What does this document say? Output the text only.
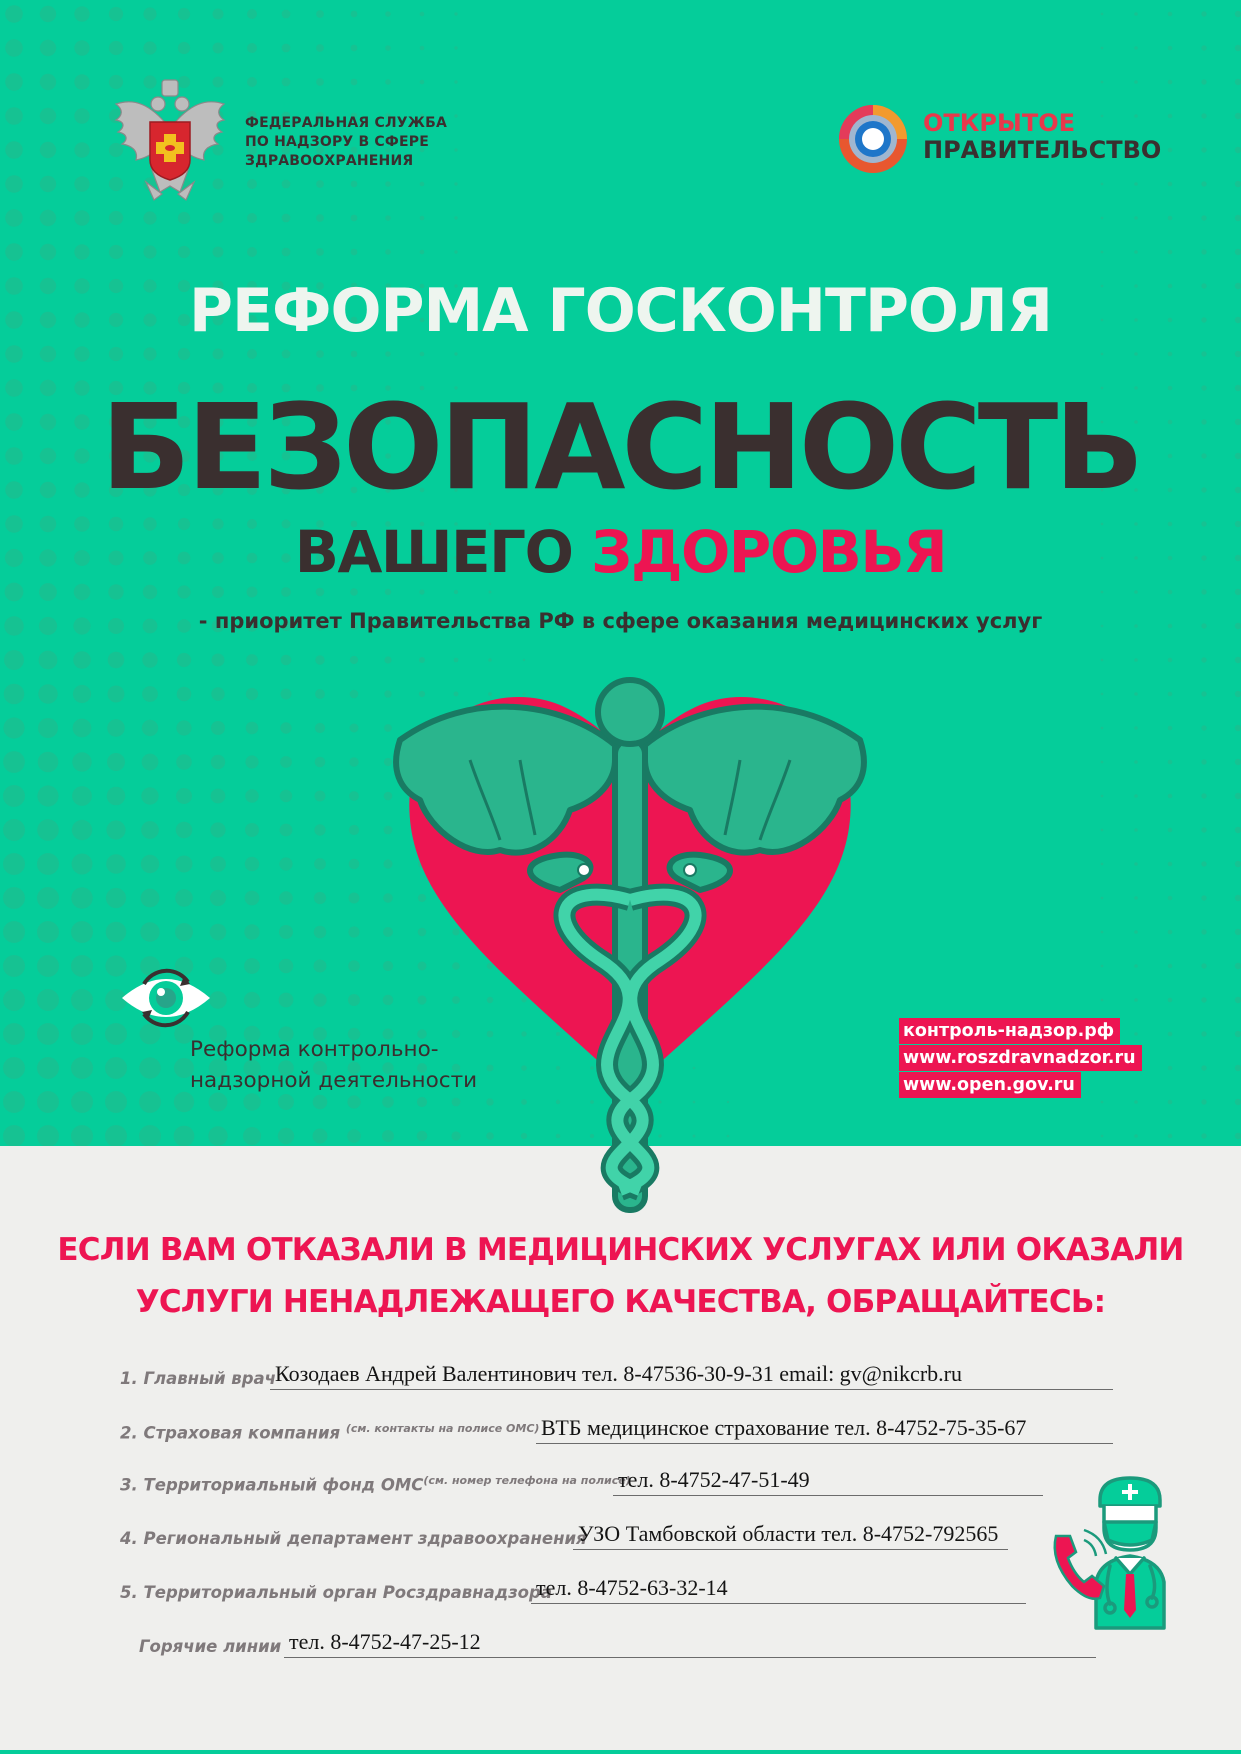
ФЕДЕРАЛЬНАЯ СЛУЖБА
ПО НАДЗОРУ В СФЕРЕ
ЗДРАВООХРАНЕНИЯ
ОТКРЫТОЕ
ПРАВИТЕЛЬСТВО
РЕФОРМА ГОСКОНТРОЛЯ
БЕЗОПАСНОСТЬ
ВАШЕГО ЗДОРОВЬЯ
- приоритет Правительства РФ в сфере оказания медицинских услуг
Реформа контрольно-
надзорной деятельности
контроль-надзор.рф
www.roszdravnadzor.ru
www.open.gov.ru
ЕСЛИ ВАМ ОТКАЗАЛИ В МЕДИЦИНСКИХ УСЛУГАХ ИЛИ ОКАЗАЛИ
УСЛУГИ НЕНАДЛЕЖАЩЕГО КАЧЕСТВА, ОБРАЩАЙТЕСЬ:
1. Главный врач
Козодаев Андрей Валентинович тел. 8-47536-30-9-31 email: gv@nikcrb.ru
2. Страховая компания $^{(см. контакты на полисе ОМС)}$ ВТБ медицинское страхование тел. 8-4752-75-35-67
3. Территориальный фонд $ОМС^{(см. номер телефона на полисе)}$
тел. 8-4752-47-51-49
4. Региональный департамент здравоохранения
УЗО Тамбовской области тел. 8-4752-792565
5. Территориальный орган Росздравнадзора
тел. 8-4752-63-32-14
Горячие линии тел. 8-4752-47-25-12
